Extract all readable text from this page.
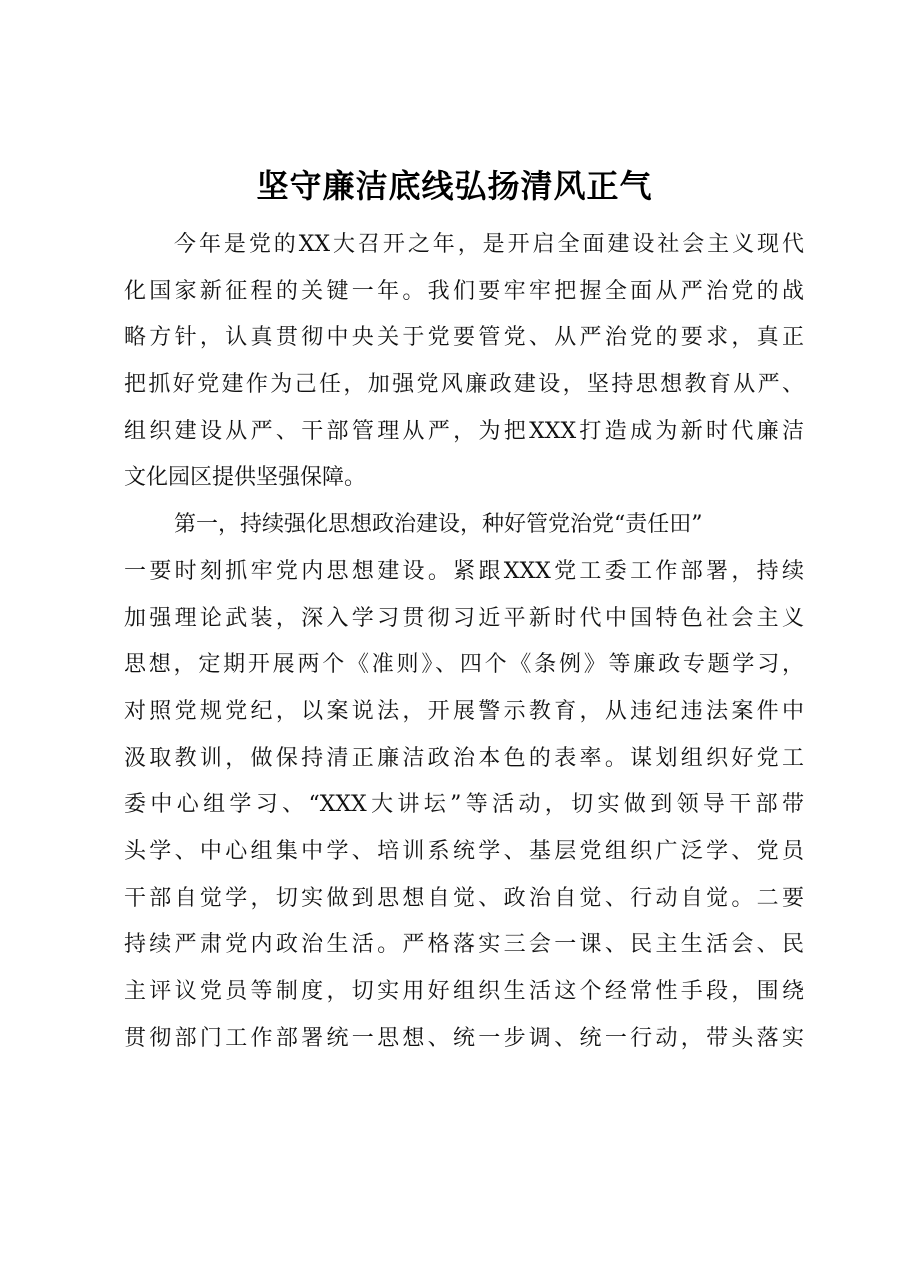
坚守廉洁底线弘扬清风正气
今年是党的XX大召开之年，是开启全面建设社会主义现代
化国家新征程的关键一年。我们要牢牢把握全面从严治党的战
略方针，认真贯彻中央关于党要管党、从严治党的要求，真正
把抓好党建作为己任，加强党风廉政建设，坚持思想教育从严、
组织建设从严、干部管理从严，为把XXX打造成为新时代廉洁
文化园区提供坚强保障。
第一，持续强化思想政治建设，种好管党治党“责任田”
一要时刻抓牢党内思想建设。紧跟XXX党工委工作部署，持续
加强理论武装，深入学习贯彻习近平新时代中国特色社会主义
思想，定期开展两个《准则》、四个《条例》等廉政专题学习，
对照党规党纪，以案说法，开展警示教育，从违纪违法案件中
汲取教训，做保持清正廉洁政治本色的表率。谋划组织好党工
委中心组学习、“XXX大讲坛”等活动，切实做到领导干部带
头学、中心组集中学、培训系统学、基层党组织广泛学、党员
干部自觉学，切实做到思想自觉、政治自觉、行动自觉。二要
持续严肃党内政治生活。严格落实三会一课、民主生活会、民
主评议党员等制度，切实用好组织生活这个经常性手段，围绕
贯彻部门工作部署统一思想、统一步调、统一行动，带头落实
